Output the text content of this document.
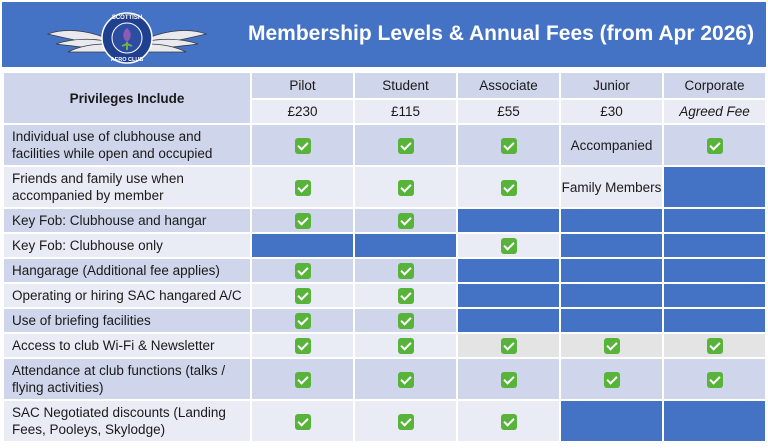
SCOTTISH
AERO CLUB
Membership Levels & Annual Fees (from Apr 2026)
Privileges Include	Pilot	Student	Associate	Junior	Corporate
	£230	£115	£55	£30	Agreed Fee
Individual use of clubhouse and facilities while open and occupied				Accompanied	
Friends and family use when accompanied by member				Family Members	
Key Fob: Clubhouse and hangar					
Key Fob: Clubhouse only					
Hangarage (Additional fee applies)					
Operating or hiring SAC hangared A/C					
Use of briefing facilities					
Access to club Wi-Fi & Newsletter					
Attendance at club functions (talks / flying activities)					
SAC Negotiated discounts (Landing Fees, Pooleys, Skylodge)					
